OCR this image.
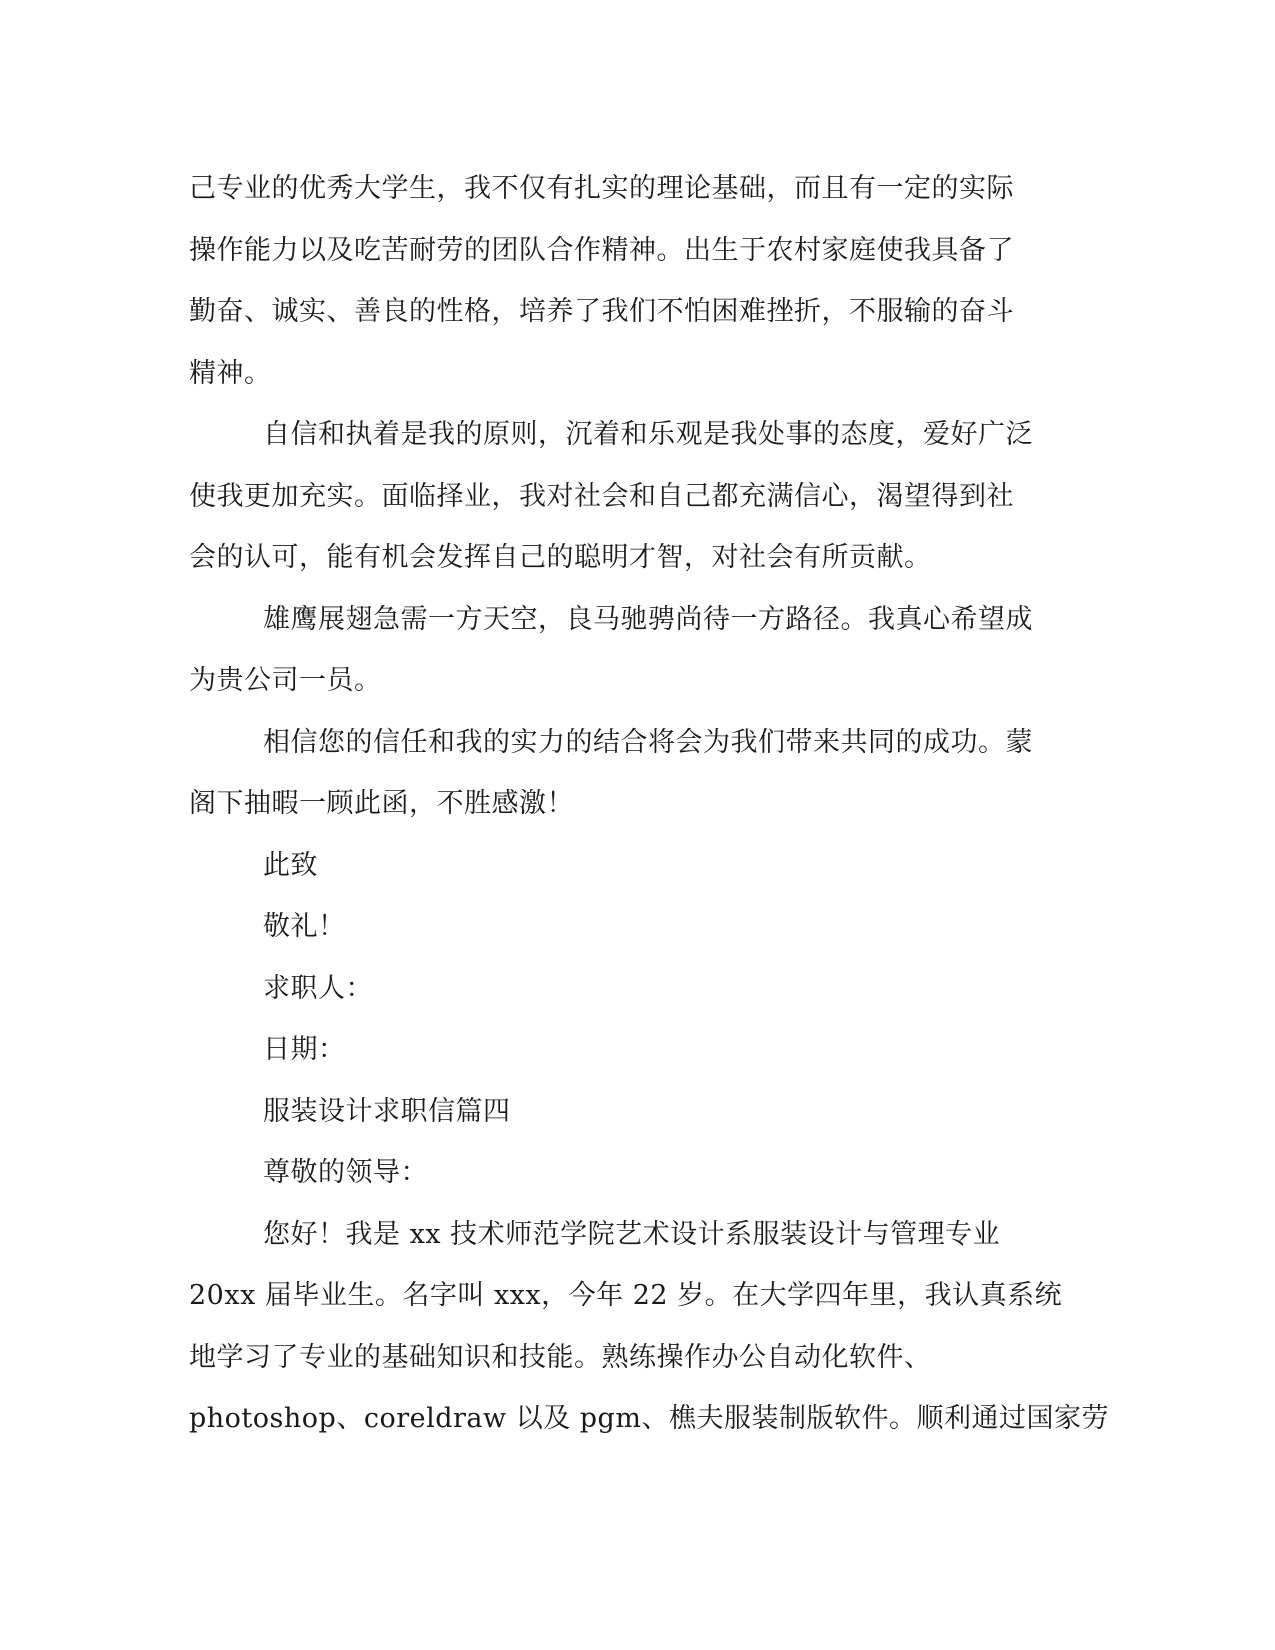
己专业的优秀大学生，我不仅有扎实的理论基础，而且有一定的实际
操作能力以及吃苦耐劳的团队合作精神。出生于农村家庭使我具备了
勤奋、诚实、善良的性格，培养了我们不怕困难挫折，不服输的奋斗
精神。
自信和执着是我的原则，沉着和乐观是我处事的态度，爱好广泛
使我更加充实。面临择业，我对社会和自己都充满信心，渴望得到社
会的认可，能有机会发挥自己的聪明才智，对社会有所贡献。
雄鹰展翅急需一方天空，良马驰骋尚待一方路径。我真心希望成
为贵公司一员。
相信您的信任和我的实力的结合将会为我们带来共同的成功。蒙
阁下抽暇一顾此函，不胜感激！
此致
敬礼！
求职人：
日期：
服装设计求职信篇四
尊敬的领导：
您好！我是 xx 技术师范学院艺术设计系服装设计与管理专业
20xx 届毕业生。名字叫 xxx，今年 22 岁。在大学四年里，我认真系统
地学习了专业的基础知识和技能。熟练操作办公自动化软件、
photoshop、coreldraw 以及 pgm、樵夫服装制版软件。顺利通过国家劳
